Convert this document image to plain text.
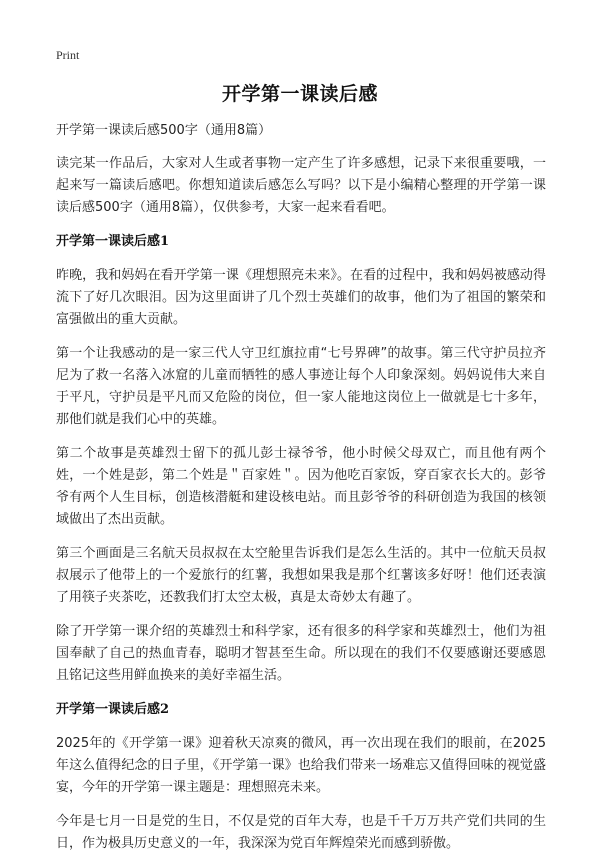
Print
开学第一课读后感

开学第一课读后感500字（通用8篇）

读完某一作品后，大家对人生或者事物一定产生了许多感想，记录下来很重要哦，一起来写一篇读后感吧。你想知道读后感怎么写吗？以下是小编精心整理的开学第一课读后感500字（通用8篇），仅供参考，大家一起来看看吧。

开学第一课读后感1

昨晚，我和妈妈在看开学第一课《理想照亮未来》。在看的过程中，我和妈妈被感动得流下了好几次眼泪。因为这里面讲了几个烈士英雄们的故事，他们为了祖国的繁荣和富强做出的重大贡献。

第一个让我感动的是一家三代人守卫红旗拉甫“七号界碑”的故事。第三代守护员拉齐尼为了救一名落入冰窟的儿童而牺牲的感人事迹让每个人印象深刻。妈妈说伟大来自于平凡，守护员是平凡而又危险的岗位，但一家人能地这岗位上一做就是七十多年，那他们就是我们心中的英雄。

第二个故事是英雄烈士留下的孤儿彭士禄爷爷，他小时候父母双亡，而且他有两个姓，一个姓是彭，第二个姓是＂百家姓＂。因为他吃百家饭，穿百家衣长大的。彭爷爷有两个人生目标，创造核潜艇和建设核电站。而且彭爷爷的科研创造为我国的核领域做出了杰出贡献。

第三个画面是三名航天员叔叔在太空舱里告诉我们是怎么生活的。其中一位航天员叔叔展示了他带上的一个爱旅行的红薯，我想如果我是那个红薯该多好呀！他们还表演了用筷子夹茶吃，还教我们打太空太极，真是太奇妙太有趣了。

除了开学第一课介绍的英雄烈士和科学家，还有很多的科学家和英雄烈士，他们为祖国奉献了自己的热血青春，聪明才智甚至生命。所以现在的我们不仅要感谢还要感恩且铭记这些用鲜血换来的美好幸福生活。

开学第一课读后感2

2025年的《开学第一课》迎着秋天凉爽的微风，再一次出现在我们的眼前，在2025年这么值得纪念的日子里，《开学第一课》也给我们带来一场难忘又值得回味的视觉盛宴，今年的开学第一课主题是：理想照亮未来。

今年是七月一日是党的生日，不仅是党的百年大寿，也是千千万万共产党们共同的生日，作为极具历史意义的一年，我深深为党百年辉煌荣光而感到骄傲。
